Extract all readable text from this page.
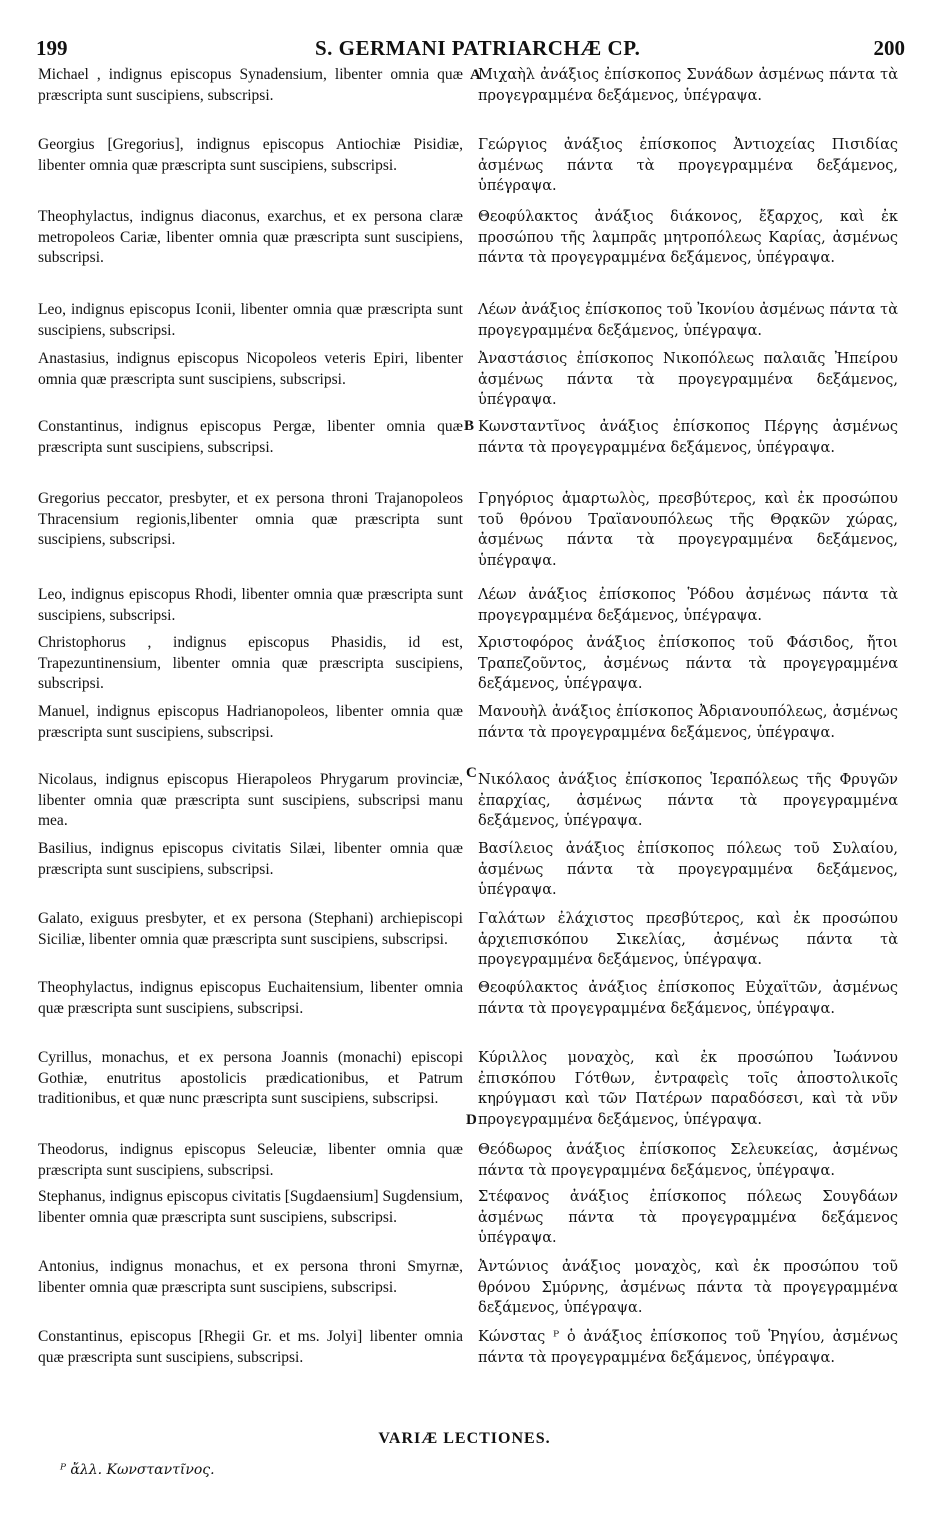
199	S. GERMANI PATRIARCHÆ CP.	200
A
B
C
D

Michael , indignus episcopus Synadensium, libenter omnia quæ præscripta sunt suscipiens, subscripsi.

Georgius [Gregorius], indignus episcopus Antiochiæ Pisidiæ, libenter omnia quæ præscripta sunt suscipiens, subscripsi.

Theophylactus, indignus diaconus, exarchus, et ex persona claræ metropoleos Cariæ, libenter omnia quæ præscripta sunt suscipiens, subscripsi.

Leo, indignus episcopus Iconii, libenter omnia quæ præscripta sunt suscipiens, subscripsi.

Anastasius, indignus episcopus Nicopoleos veteris Epiri, libenter omnia quæ præscripta sunt suscipiens, subscripsi.

Constantinus, indignus episcopus Pergæ, libenter omnia quæ præscripta sunt suscipiens, subscripsi.

Gregorius peccator, presbyter, et ex persona throni Trajanopoleos Thracensium regionis,libenter omnia quæ præscripta sunt suscipiens, subscripsi.

Leo, indignus episcopus Rhodi, libenter omnia quæ præscripta sunt suscipiens, subscripsi.

Christophorus , indignus episcopus Phasidis, id est, Trapezuntinensium, libenter omnia quæ præscripta suscipiens, subscripsi.

Manuel, indignus episcopus Hadrianopoleos, libenter omnia quæ præscripta sunt suscipiens, subscripsi.

Nicolaus, indignus episcopus Hierapoleos Phrygarum provinciæ, libenter omnia quæ præscripta sunt suscipiens, subscripsi manu mea.

Basilius, indignus episcopus civitatis Silæi, libenter omnia quæ præscripta sunt suscipiens, subscripsi.

Galato, exiguus presbyter, et ex persona (Stephani) archiepiscopi Siciliæ, libenter omnia quæ præscripta sunt suscipiens, subscripsi.

Theophylactus, indignus episcopus Euchaitensium, libenter omnia quæ præscripta sunt suscipiens, subscripsi.

Cyrillus, monachus, et ex persona Joannis (monachi) episcopi Gothiæ, enutritus apostolicis prædicationibus, et Patrum traditionibus, et quæ nunc præscripta sunt suscipiens, subscripsi.

Theodorus, indignus episcopus Seleuciæ, libenter omnia quæ præscripta sunt suscipiens, subscripsi.

Stephanus, indignus episcopus civitatis [Sugdaensium] Sugdensium, libenter omnia quæ præscripta sunt suscipiens, subscripsi.

Antonius, indignus monachus, et ex persona throni Smyrnæ, libenter omnia quæ præscripta sunt suscipiens, subscripsi.

Constantinus, episcopus [Rhegii Gr. et ms. Jolyi] libenter omnia quæ præscripta sunt suscipiens, subscripsi.

Μιχαὴλ ἀνάξιος ἐπίσκοπος Συνάδων ἀσμένως πάντα τὰ προγεγραμμένα δεξάμενος, ὑπέγραψα.

Γεώργιος ἀνάξιος ἐπίσκοπος Ἀντιοχείας Πισιδίας ἀσμένως πάντα τὰ προγεγραμμένα δεξάμενος, ὑπέγραψα.

Θεοφύλακτος ἀνάξιος διάκονος, ἔξαρχος, καὶ ἐκ προσώπου τῆς λαμπρᾶς μητροπόλεως Καρίας, ἀσμένως πάντα τὰ προγεγραμμένα δεξάμενος, ὑπέγραψα.

Λέων ἀνάξιος ἐπίσκοπος τοῦ Ἰκονίου ἀσμένως πάντα τὰ προγεγραμμένα δεξάμενος, ὑπέγραψα.

Ἀναστάσιος ἐπίσκοπος Νικοπόλεως παλαιᾶς Ἠπείρου ἀσμένως πάντα τὰ προγεγραμμένα δεξάμενος, ὑπέγραψα.

Κωνσταντῖνος ἀνάξιος ἐπίσκοπος Πέργης ἀσμένως πάντα τὰ προγεγραμμένα δεξάμενος, ὑπέγραψα.

Γρηγόριος ἁμαρτωλὸς, πρεσβύτερος, καὶ ἐκ προσώπου τοῦ θρόνου Τραϊανουπόλεως τῆς Θρᾳκῶν χώρας, ἀσμένως πάντα τὰ προγεγραμμένα δεξάμενος, ὑπέγραψα.

Λέων ἀνάξιος ἐπίσκοπος Ῥόδου ἀσμένως πάντα τὰ προγεγραμμένα δεξάμενος, ὑπέγραψα.

Χριστοφόρος ἀνάξιος ἐπίσκοπος τοῦ Φάσιδος, ἤτοι Τραπεζοῦντος, ἀσμένως πάντα τὰ προγεγραμμένα δεξάμενος, ὑπέγραψα.

Μανουὴλ ἀνάξιος ἐπίσκοπος Ἀδριανουπόλεως, ἀσμένως πάντα τὰ προγεγραμμένα δεξάμενος, ὑπέγραψα.

Νικόλαος ἀνάξιος ἐπίσκοπος Ἱεραπόλεως τῆς Φρυγῶν ἐπαρχίας, ἀσμένως πάντα τὰ προγεγραμμένα δεξάμενος, ὑπέγραψα.

Βασίλειος ἀνάξιος ἐπίσκοπος πόλεως τοῦ Συλαίου, ἀσμένως πάντα τὰ προγεγραμμένα δεξάμενος, ὑπέγραψα.

Γαλάτων ἐλάχιστος πρεσβύτερος, καὶ ἐκ προσώπου ἀρχιεπισκόπου Σικελίας, ἀσμένως πάντα τὰ προγεγραμμένα δεξάμενος, ὑπέγραψα.

Θεοφύλακτος ἀνάξιος ἐπίσκοπος Εὐχαϊτῶν, ἀσμένως πάντα τὰ προγεγραμμένα δεξάμενος, ὑπέγραψα.

Κύριλλος μοναχὸς, καὶ ἐκ προσώπου Ἰωάννου ἐπισκόπου Γότθων, ἐντραφεὶς τοῖς ἀποστολικοῖς κηρύγμασι καὶ τῶν Πατέρων παραδόσεσι, καὶ τὰ νῦν προγεγραμμένα δεξάμενος, ὑπέγραψα.

Θεόδωρος ἀνάξιος ἐπίσκοπος Σελευκείας, ἀσμένως πάντα τὰ προγεγραμμένα δεξάμενος, ὑπέγραψα.

Στέφανος ἀνάξιος ἐπίσκοπος πόλεως Σουγδάων ἀσμένως πάντα τὰ προγεγραμμένα δεξάμενος ὑπέγραψα.

Ἀντώνιος ἀνάξιος μοναχὸς, καὶ ἐκ προσώπου τοῦ θρόνου Σμύρνης, ἀσμένως πάντα τὰ προγεγραμμένα δεξάμενος, ὑπέγραψα.

Κώνστας ᴾ ὁ ἀνάξιος ἐπίσκοπος τοῦ Ῥηγίου, ἀσμένως πάντα τὰ προγεγραμμένα δεξάμενος, ὑπέγραψα.

VARIÆ LECTIONES.
ᴾ ἄλλ. Κωνσταντῖνος.
